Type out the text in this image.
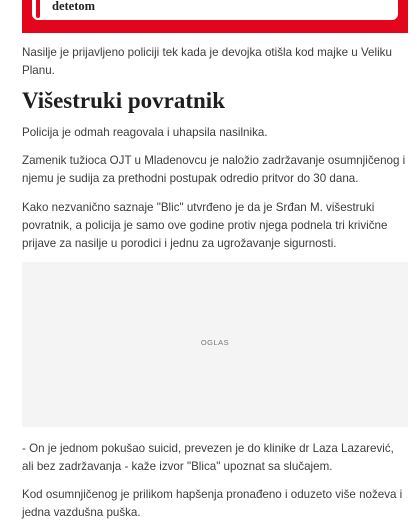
detetom

Nasilje je prijavljeno policiji tek kada je devojka otišla kod majke u Veliku Planu.

Višestruki povratnik

Policija je odmah reagovala i uhapsila nasilnika.

Zamenik tužioca OJT u Mladenovcu je naložio zadržavanje osumnjičenog i njemu je sudija za prethodni postupak odredio pritvor do 30 dana.

Kako nezvanično saznaje "Blic" utvrđeno je da je Srđan M. višestruki povratnik, a policija je samo ove godine protiv njega podnela tri krivične prijave za nasilje u porodici i jednu za ugrožavanje sigurnosti.

OGLAS

- On je jednom pokušao suicid, prevezen je do klinike dr Laza Lazarević, ali bez zadržavanja - kaže izvor "Blica" upoznat sa slučajem.

Kod osumnjičenog je prilikom hapšenja pronađeno i oduzeto više noževa i jedna vazdušna puška.
